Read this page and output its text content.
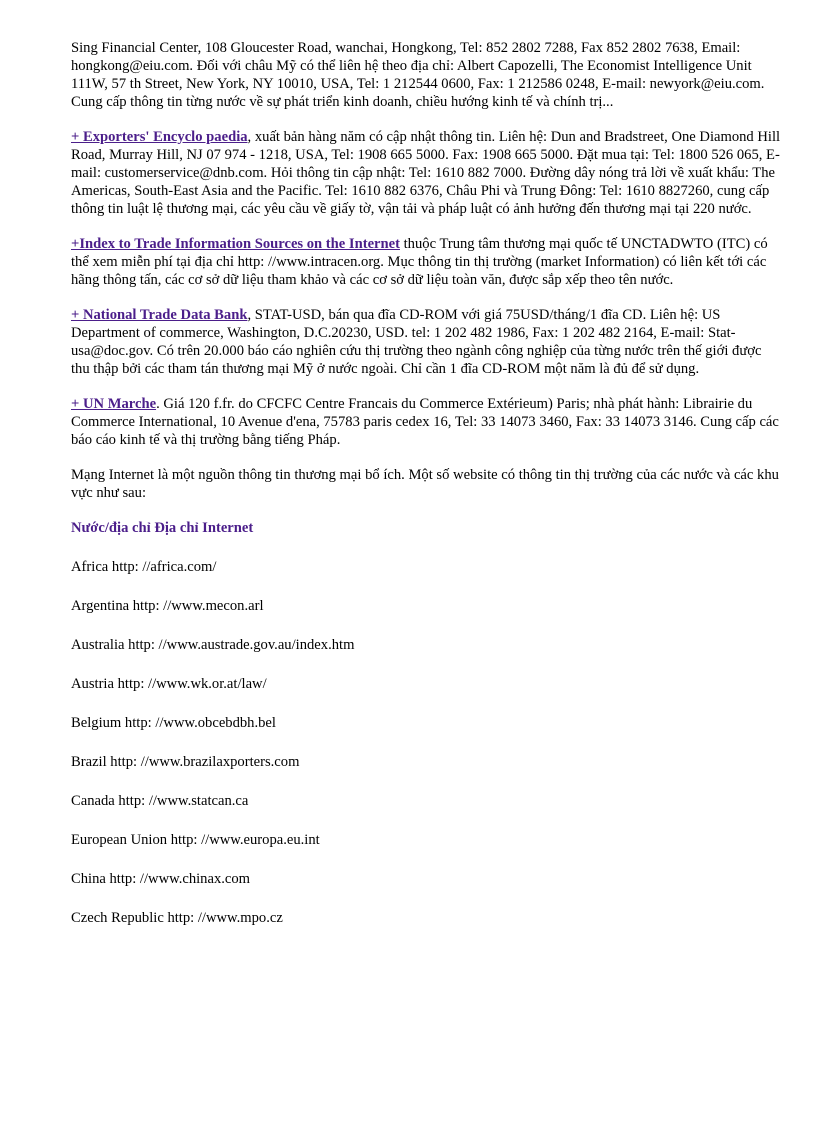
Sing Financial Center, 108 Gloucester Road, wanchai, Hongkong, Tel: 852 2802 7288, Fax 852 2802 7638, Email: hongkong@eiu.com. Đối với châu Mỹ có thể liên hệ theo địa chỉ: Albert Capozelli, The Economist Intelligence Unit 111W, 57 th Street, New York, NY 10010, USA, Tel: 1 212544 0600, Fax: 1 212586 0248, E-mail: newyork@eiu.com. Cung cấp thông tin từng nước về sự phát triển kinh doanh, chiều hướng kinh tế và chính trị...

+ Exporters' Encyclo paedia, xuất bản hàng năm có cập nhật thông tin. Liên hệ: Dun and Bradstreet, One Diamond Hill Road, Murray Hill, NJ 07 974 - 1218, USA, Tel: 1908 665 5000. Fax: 1908 665 5000. Đặt mua tại: Tel: 1800 526 065, E-mail: customerservice@dnb.com. Hỏi thông tin cập nhật: Tel: 1610 882 7000. Đường dây nóng trả lời về xuất khẩu: The Americas, South-East Asia and the Pacific. Tel: 1610 882 6376, Châu Phi và Trung Đông: Tel: 1610 8827260, cung cấp thông tin luật lệ thương mại, các yêu cầu về giấy tờ, vận tải và pháp luật có ảnh hưởng đến thương mại tại 220 nước.

+Index to Trade Information Sources on the Internet thuộc Trung tâm thương mại quốc tế UNCTADWTO (ITC) có thể xem miễn phí tại địa chỉ http: //www.intracen.org. Mục thông tin thị trường (market Information) có liên kết tới các hãng thông tấn, các cơ sở dữ liệu tham khảo và các cơ sở dữ liệu toàn văn, được sắp xếp theo tên nước.

+ National Trade Data Bank, STAT-USD, bán qua đĩa CD-ROM với giá 75USD/tháng/1 đĩa CD. Liên hệ: US Department of commerce, Washington, D.C.20230, USD. tel: 1 202 482 1986, Fax: 1 202 482 2164, E-mail: Stat-usa@doc.gov. Có trên 20.000 báo cáo nghiên cứu thị trường theo ngành công nghiệp của từng nước trên thế giới được thu thập bởi các tham tán thương mại Mỹ ở nước ngoài. Chỉ cần 1 đĩa CD-ROM một năm là đủ để sử dụng.

+ UN Marche. Giá 120 f.fr. do CFCFC Centre Francais du Commerce Extérieum) Paris; nhà phát hành: Librairie du Commerce International, 10 Avenue d'ena, 75783 paris cedex 16, Tel: 33 14073 3460, Fax: 33 14073 3146. Cung cấp các báo cáo kinh tế và thị trường bằng tiếng Pháp.

Mạng Internet là một nguồn thông tin thương mại bổ ích. Một số website có thông tin thị trường của các nước và các khu vực như sau:

Nước/địa chỉ Địa chỉ Internet
Africa http: //africa.com/
Argentina http: //www.mecon.arl
Australia http: //www.austrade.gov.au/index.htm
Austria http: //www.wk.or.at/law/
Belgium http: //www.obcebdbh.bel
Brazil http: //www.brazilaxporters.com
Canada http: //www.statcan.ca
European Union http: //www.europa.eu.int
China http: //www.chinax.com
Czech Republic http: //www.mpo.cz
